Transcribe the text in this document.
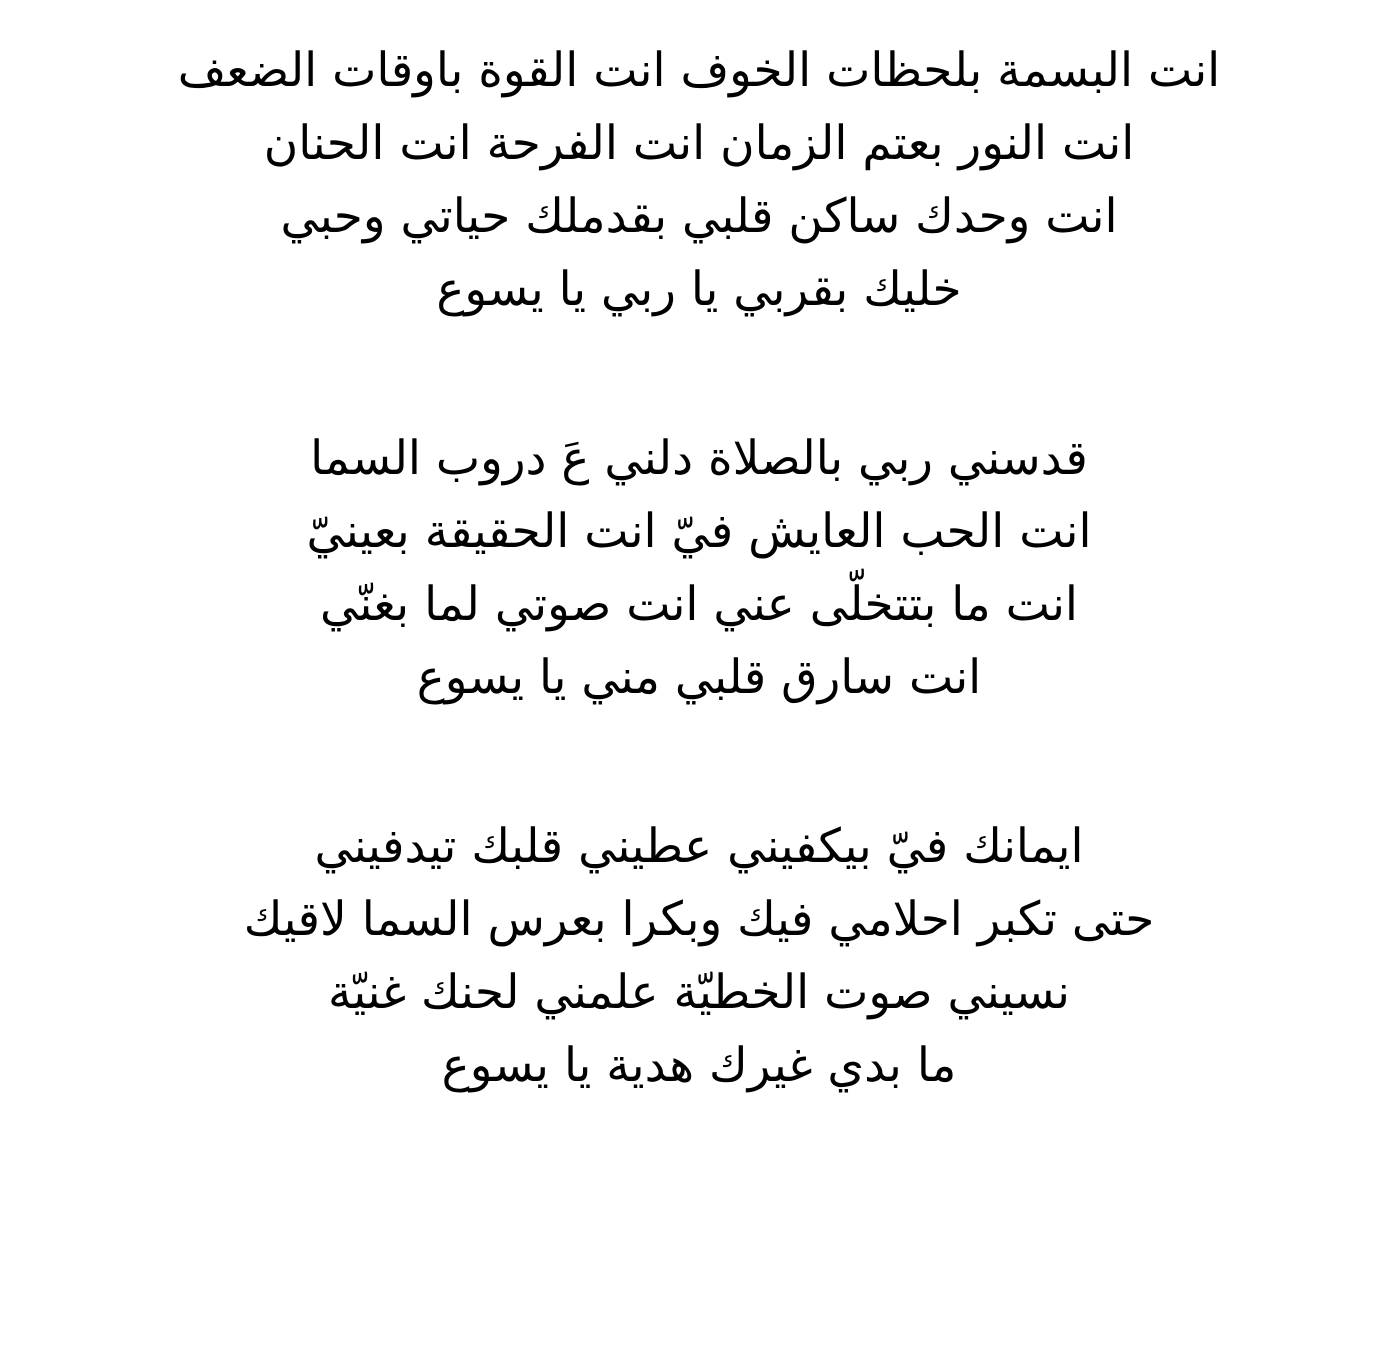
انت البسمة بلحظات الخوف انت القوة باوقات الضعف
انت النور بعتم الزمان انت الفرحة انت الحنان
انت وحدك ساكن قلبي بقدملك حياتي وحبي
خليك بقربي يا ربي يا يسوع
قدسني ربي بالصلاة دلني عَ دروب السما
انت الحب العايش فيّ انت الحقيقة بعينيّ
انت ما بتتخلّى عني انت صوتي لما بغنّي
انت سارق قلبي مني يا يسوع
ايمانك فيّ بيكفيني عطيني قلبك تيدفيني
حتى تكبر احلامي فيك وبكرا بعرس السما لاقيك
نسيني صوت الخطيّة علمني لحنك غنيّة
ما بدي غيرك هدية يا يسوع
